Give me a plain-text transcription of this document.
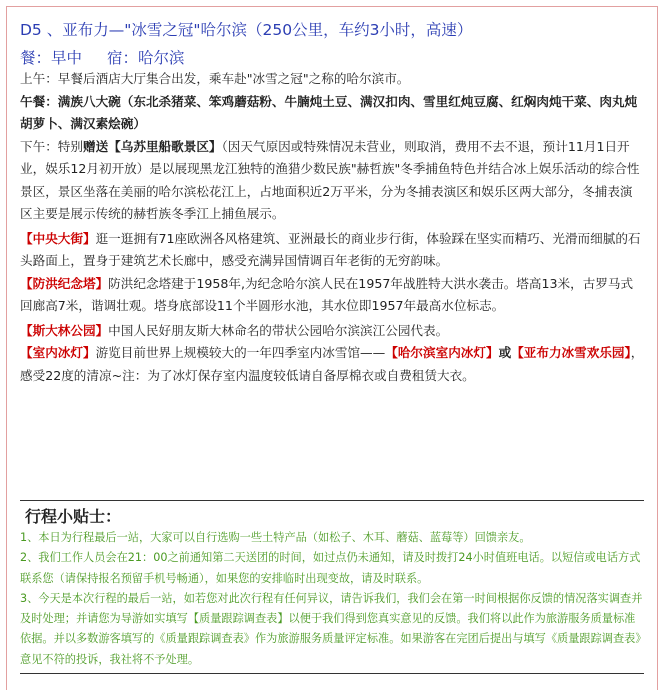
D5 、亚布力—"冰雪之冠"哈尔滨（250公里，车约3小时，高速）
餐：早中 宿：哈尔滨

上午：早餐后酒店大厅集合出发，乘车赴"冰雪之冠"之称的哈尔滨市。

午餐：满族八大碗（东北杀猪菜、笨鸡蘑菇粉、牛腩炖土豆、满汉扣肉、雪里红炖豆腐、红焖肉炖干菜、肉丸炖胡萝卜、满汉素烩碗）

下午：特别赠送【乌苏里船歌景区】（因天气原因或特殊情况未营业，则取消，费用不去不退，预计11月1日开业，娱乐12月初开放）是以展现黑龙江独特的渔猎少数民族"赫哲族"冬季捕鱼特色并结合冰上娱乐活动的综合性景区，景区坐落在美丽的哈尔滨松花江上，占地面积近2万平米，分为冬捕表演区和娱乐区两大部分，冬捕表演区主要是展示传统的赫哲族冬季江上捕鱼展示。

【中央大街】逛一逛拥有71座欧洲各风格建筑、亚洲最长的商业步行街，体验踩在坚实而精巧、光滑而细腻的石头路面上，置身于建筑艺术长廊中，感受充满异国情调百年老街的无穷韵味。

【防洪纪念塔】防洪纪念塔建于1958年,为纪念哈尔滨人民在1957年战胜特大洪水袭击。塔高13米，古罗马式回廊高7米，谐调壮观。塔身底部设11个半圆形水池，其水位即1957年最高水位标志。

【斯大林公园】中国人民好朋友斯大林命名的带状公园哈尔滨滨江公园代表。

【室内冰灯】游览目前世界上规模较大的一年四季室内冰雪馆——【哈尔滨室内冰灯】或【亚布力冰雪欢乐园】，感受22度的清凉~注：为了冰灯保存室内温度较低请自备厚棉衣或自费租赁大衣。

行程小贴士：

1、本日为行程最后一站，大家可以自行选购一些土特产品（如松子、木耳、蘑菇、蓝莓等）回馈亲友。

2、我们工作人员会在21：00之前通知第二天送团的时间，如过点仍未通知，请及时拨打24小时值班电话。以短信或电话方式联系您（请保持报名预留手机号畅通），如果您的安排临时出现变故，请及时联系。

3、今天是本次行程的最后一站，如若您对此次行程有任何异议，请告诉我们，我们会在第一时间根据你反馈的情况落实调查并及时处理；并请您为导游如实填写【质量跟踪调查表】以便于我们得到您真实意见的反馈。我们将以此作为旅游服务质量标准依据。并以多数游客填写的《质量跟踪调查表》作为旅游服务质量评定标准。如果游客在完团后提出与填写《质量跟踪调查表》意见不符的投诉，我社将不予处理。
